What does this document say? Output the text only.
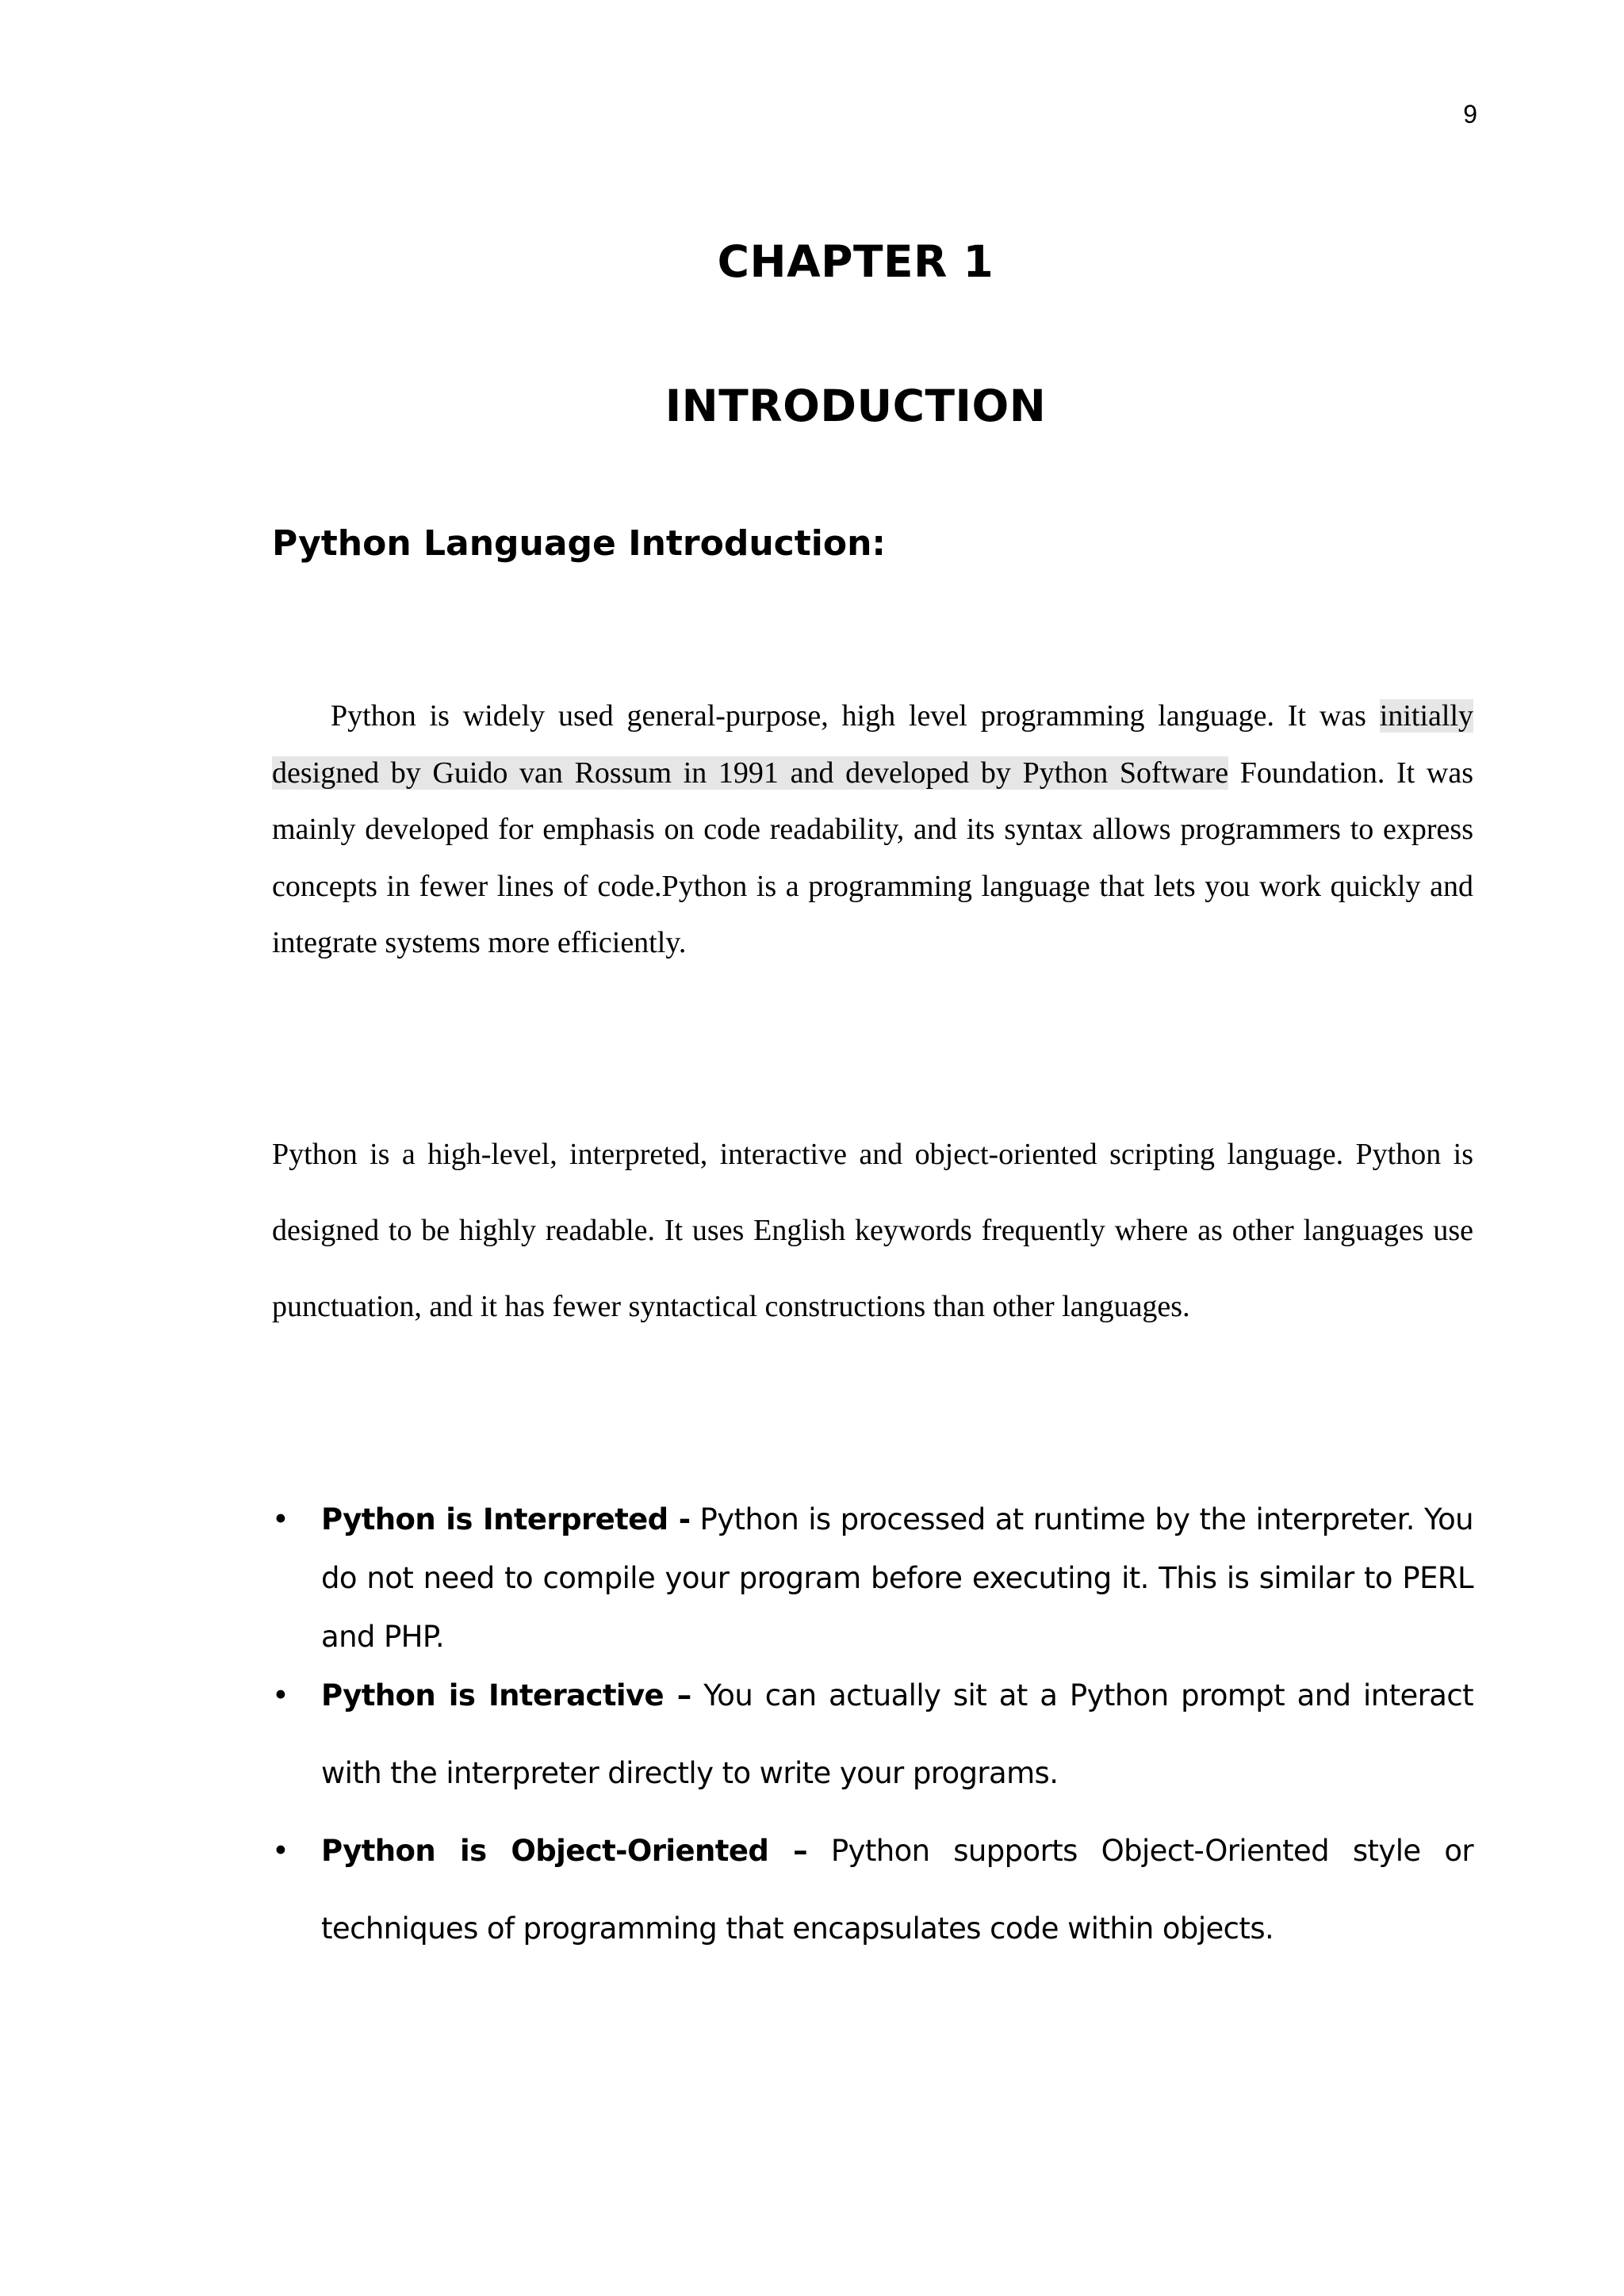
9
CHAPTER 1
INTRODUCTION
Python Language Introduction:

Python is widely used general-purpose, high level programming language. It was initially designed by Guido van Rossum in 1991 and developed by Python Software Foundation. It was mainly developed for emphasis on code readability, and its syntax allows programmers to express concepts in fewer lines of code.Python is a programming language that lets you work quickly and integrate systems more efficiently.

Python is a high-level, interpreted, interactive and object-oriented scripting language. Python is designed to be highly readable. It uses English keywords frequently where as other languages use punctuation, and it has fewer syntactical constructions than other languages.

• Python is Interpreted - Python is processed at runtime by the interpreter. You do not need to compile your program before executing it. This is similar to PERL and PHP.
• Python is Interactive – You can actually sit at a Python prompt and interact with the interpreter directly to write your programs.
• Python is Object-Oriented – Python supports Object-Oriented style or techniques of programming that encapsulates code within objects.
